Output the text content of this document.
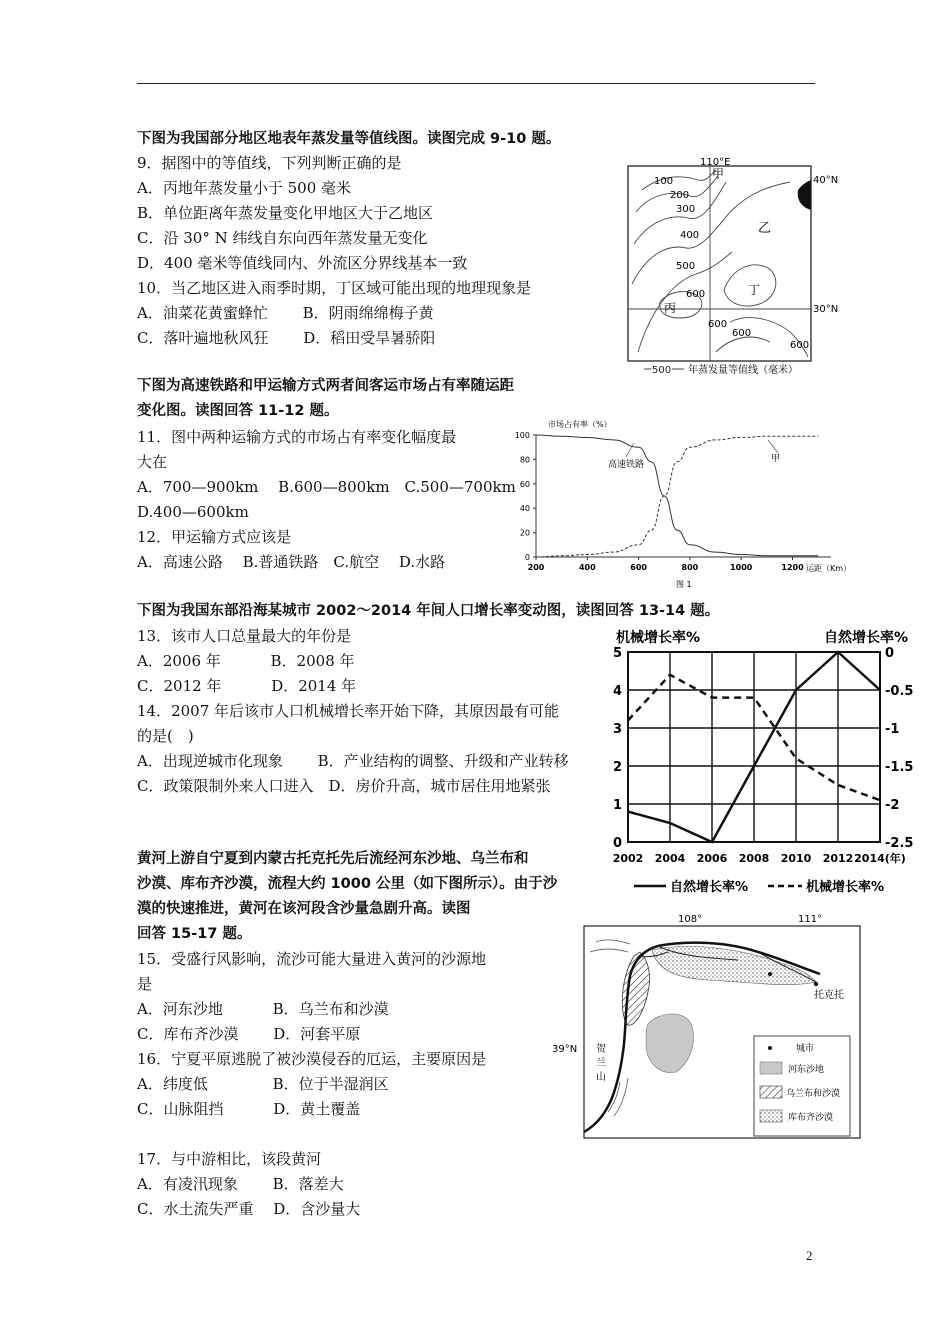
下图为我国部分地区地表年蒸发量等值线图。读图完成 9-10 题。
9．据图中的等值线，下列判断正确的是
A．丙地年蒸发量小于 500 毫米
B．单位距离年蒸发量变化甲地区大于乙地区
C．沿 30° N 纬线自东向西年蒸发量无变化
D．400 毫米等值线同内、外流区分界线基本一致
10．当乙地区进入雨季时期，丁区域可能出现的地理现象是
A．油菜花黄蜜蜂忙　　 B．阴雨绵绵梅子黄
C．落叶遍地秋风狂　　 D．稻田受旱暑骄阳
110°E
40°N
30°N
甲
乙
丙
丁
100
200
300
400
500
600
600
600
600
500 年蒸发量等值线（毫米）
下图为高速铁路和甲运输方式两者间客运市场占有率随运距
变化图。读图回答 11-12 题。
11．图中两种运输方式的市场占有率变化幅度最
大在
A．700—900km　 B.600—800km　C.500—700km
D.400—600km
12．甲运输方式应该是
A．高速公路　 B.普通铁路　C.航空　 D.水路
市场占有率（%）
运距（Km）
图 1
高速铁路
甲
0
20
40
60
80
100
200	400	600	800	1000	1200
下图为我国东部沿海某城市 2002～2014 年间人口增长率变动图，读图回答 13-14 题。
13．该市人口总量最大的年份是
A．2006 年　　　 B．2008 年
C．2012 年　　　 D．2014 年
14．2007 年后该市人口机械增长率开始下降，其原因最有可能
的是(　)
A．出现逆城市化现象　　 B．产业结构的调整、升级和产业转移
C．政策限制外来人口进入　D．房价升高，城市居住用地紧张
机械增长率%	自然增长率%
0
1
2
3
4
5	0
-0.5
-1
-1.5
-2
-2.5
2002 2004 2006 2008 2010 2012 2014(年)
自然增长率%	机械增长率%
黄河上游自宁夏到内蒙古托克托先后流经河东沙地、乌兰布和
沙漠、库布齐沙漠，流程大约 1000 公里（如下图所示）。由于沙
漠的快速推进，黄河在该河段含沙量急剧升高。读图
回答 15-17 题。
15．受盛行风影响，流沙可能大量进入黄河的沙源地
是
A．河东沙地　　　 B．乌兰布和沙漠
C．库布齐沙漠　　 D．河套平原
16．宁夏平原逃脱了被沙漠侵吞的厄运，主要原因是
A．纬度低　　　　 B．位于半湿润区
C．山脉阻挡　　　 D．黄土覆盖
17．与中游相比，该段黄河
A．有凌汛现象　　 B．落差大
C．水土流失严重　 D．含沙量大
108°	111°
39°N
托克托
贺兰山
城市
河东沙地
乌兰布和沙漠
库布齐沙漠
2
